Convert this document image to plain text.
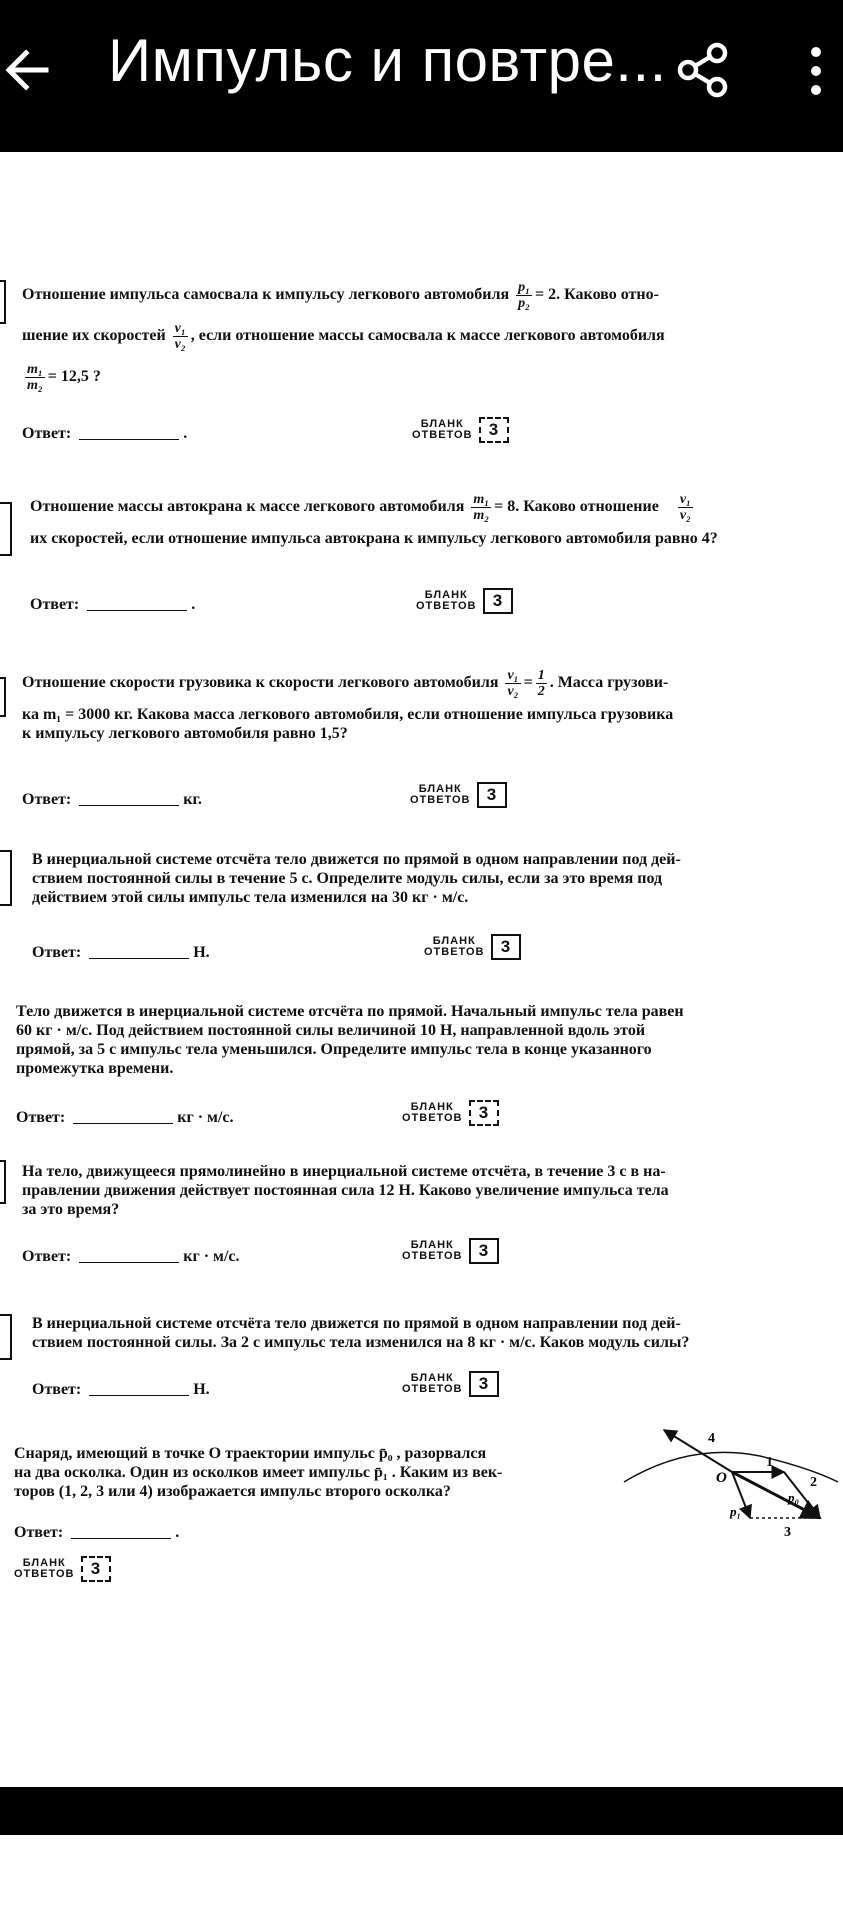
Импульс и повтре...

Отношение импульса самосвала к импульсу легкового автомобиля $\frac{\text{p₁}}{\text{p₂}} = 2$. Каково отно-

шение их скоростей $\frac{\text{v₁}}{\text{v₂}}$ , если отношение массы самосвала к массе легкового автомобиля

$\frac{\text{m₁}}{\text{m₂}} = 12,5$ ?

Ответ:	.
БЛАНК
ОТВЕТОВ 3

Отношение массы автокрана к массе легкового автомобиля $\frac{\text{m₁}}{\text{m₂}} = 8$. Каково отношение $\frac{\text{v₁}}{\text{v₂}}$

их скоростей, если отношение импульса автокрана к импульсу легкового автомобиля равно 4?

Ответ:	.
БЛАНК
ОТВЕТОВ 3

Отношение скорости грузовика к скорости легкового автомобиля $\frac{\text{v₁}}{\text{v₂}} = \frac{1}{2}$ . Масса грузови-

ка m₁ = 3000 кг. Какова масса легкового автомобиля, если отношение импульса грузовика

к импульсу легкового автомобиля равно 1,5?

Ответ:	кг.
БЛАНК
ОТВЕТОВ 3

В инерциальной системе отсчёта тело движется по прямой в одном направлении под дей-

ствием постоянной силы в течение 5 с. Определите модуль силы, если за это время под

действием этой силы импульс тела изменился на 30 кг · м/с.

Ответ:	Н.
БЛАНК
ОТВЕТОВ 3

Тело движется в инерциальной системе отсчёта по прямой. Начальный импульс тела равен

60 кг · м/с. Под действием постоянной силы величиной 10 Н, направленной вдоль этой

прямой, за 5 с импульс тела уменьшился. Определите импульс тела в конце указанного

промежутка времени.

Ответ:	кг · м/с.
БЛАНК
ОТВЕТОВ 3

На тело, движущееся прямолинейно в инерциальной системе отсчёта, в течение 3 с в на-

правлении движения действует постоянная сила 12 Н. Каково увеличение импульса тела

за это время?

Ответ:	кг · м/с.
БЛАНК
ОТВЕТОВ 3

В инерциальной системе отсчёта тело движется по прямой в одном направлении под дей-

ствием постоянной силы. За 2 с импульс тела изменился на 8 кг · м/с. Каков модуль силы?

Ответ:	Н.
БЛАНК
ОТВЕТОВ 3

Снаряд, имеющий в точке O траектории импульс p̄₀ , разорвался

на два осколка. Один из осколков имеет импульс p̄₁ . Каким из век-

торов (1, 2, 3 или 4) изображается импульс второго осколка?

Ответ:	.
БЛАНК
ОТВЕТОВ 3
4
1
2
3
O
p₀
p₁
